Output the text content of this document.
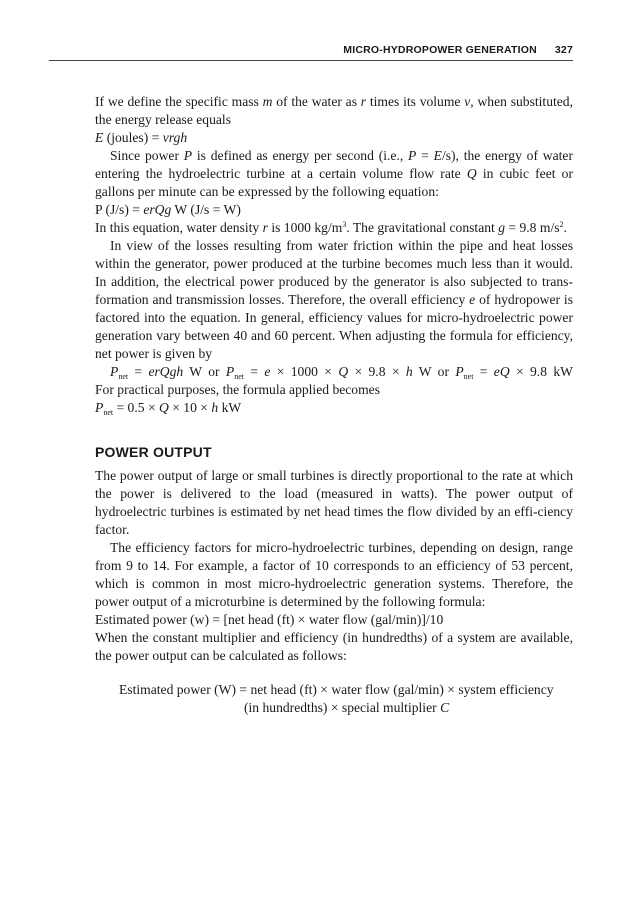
MICRO-HYDROPOWER GENERATION 327

If we define the specific mass m of the water as r times its volume v, when substituted, the energy release equals

E (joules) = vrgh

Since power P is defined as energy per second (i.e., P = E/s), the energy of water entering the hydroelectric turbine at a certain volume flow rate Q in cubic feet or gallons per minute can be expressed by the following equation:

P (J/s) = erQg W (J/s = W)

In this equation, water density r is 1000 $kg/m^3$. The gravitational constant g = 9.8 $m/s^2$.

In view of the losses resulting from water friction within the pipe and heat losses within the generator, power produced at the turbine becomes much less than it would. In addition, the electrical power produced by the generator is also subjected to trans-formation and transmission losses. Therefore, the overall efficiency e of hydropower is factored into the equation. In general, efficiency values for micro-hydroelectric power generation vary between 40 and 60 percent. When adjusting the formula for efficiency, net power is given by

$P_{net}$ = erQgh W or $P_{net} = e \times 1000 \times Q \times 9.8 \times h$ W or $P_{net}$ = eQ × 9.8 kW

For practical purposes, the formula applied becomes

$P_{net} = 0.5 \times Q \times 10 \times h$ kW

POWER OUTPUT

The power output of large or small turbines is directly proportional to the rate at which the power is delivered to the load (measured in watts). The power output of hydroelectric turbines is estimated by net head times the flow divided by an effi-ciency factor.

The efficiency factors for micro-hydroelectric turbines, depending on design, range from 9 to 14. For example, a factor of 10 corresponds to an efficiency of 53 percent, which is common in most micro-hydroelectric generation systems. Therefore, the power output of a microturbine is determined by the following formula:

Estimated power (w) = [net head (ft) × water flow (gal/min)]/10

When the constant multiplier and efficiency (in hundredths) of a system are available, the power output can be calculated as follows:

Estimated power (W) = net head (ft) × water flow (gal/min) × system efficiency
(in hundredths) × special multiplier C
